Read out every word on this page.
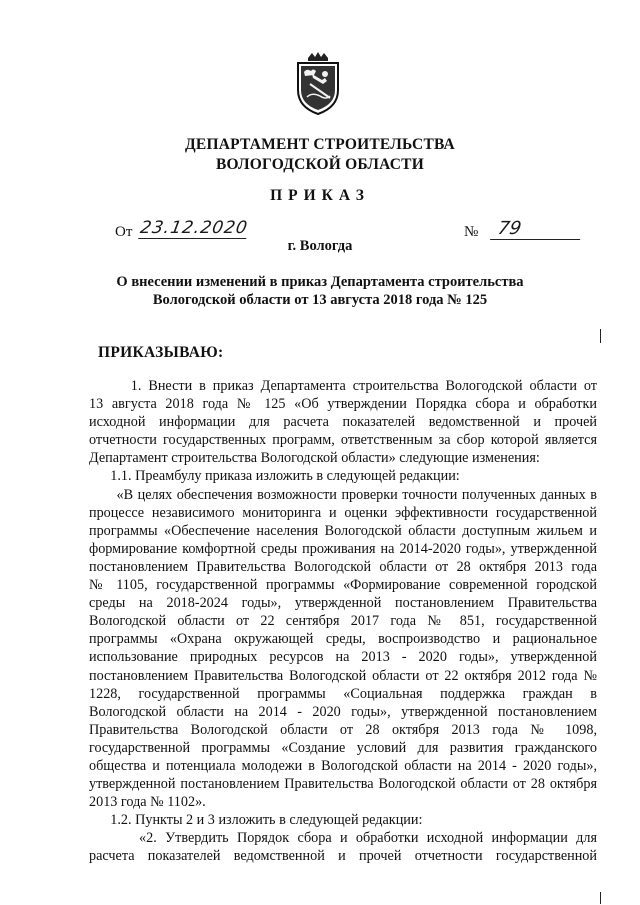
ДЕПАРТАМЕНТ СТРОИТЕЛЬСТВА
ВОЛОГОДСКОЙ ОБЛАСТИ
ПРИКАЗ
От 23.12.2020	№ 79
г. Вологда
О внесении изменений в приказ Департамента строительства
Вологодской области от 13 августа 2018 года № 125
ПРИКАЗЫВАЮ:
1. Внести в приказ Департамента строительства Вологодской области от
13 августа 2018 года № 125 «Об утверждении Порядка сбора и обработки
исходной информации для расчета показателей ведомственной и прочей
отчетности государственных программ, ответственным за сбор которой является
Департамент строительства Вологодской области» следующие изменения:
1.1. Преамбулу приказа изложить в следующей редакции:
«В целях обеспечения возможности проверки точности полученных данных в
процессе независимого мониторинга и оценки эффективности государственной
программы «Обеспечение населения Вологодской области доступным жильем и
формирование комфортной среды проживания на 2014-2020 годы», утвержденной
постановлением Правительства Вологодской области от 28 октября 2013 года
№ 1105, государственной программы «Формирование современной городской
среды на 2018-2024 годы», утвержденной постановлением Правительства
Вологодской области от 22 сентября 2017 года № 851, государственной
программы «Охрана окружающей среды, воспроизводство и рациональное
использование природных ресурсов на 2013 - 2020 годы», утвержденной
постановлением Правительства Вологодской области от 22 октября 2012 года №
1228, государственной программы «Социальная поддержка граждан в
Вологодской области на 2014 - 2020 годы», утвержденной постановлением
Правительства Вологодской области от 28 октября 2013 года № 1098,
государственной программы «Создание условий для развития гражданского
общества и потенциала молодежи в Вологодской области на 2014 - 2020 годы»,
утвержденной постановлением Правительства Вологодской области от 28 октября
2013 года № 1102».
1.2. Пункты 2 и 3 изложить в следующей редакции:
«2. Утвердить Порядок сбора и обработки исходной информации для
расчета показателей ведомственной и прочей отчетности государственной
